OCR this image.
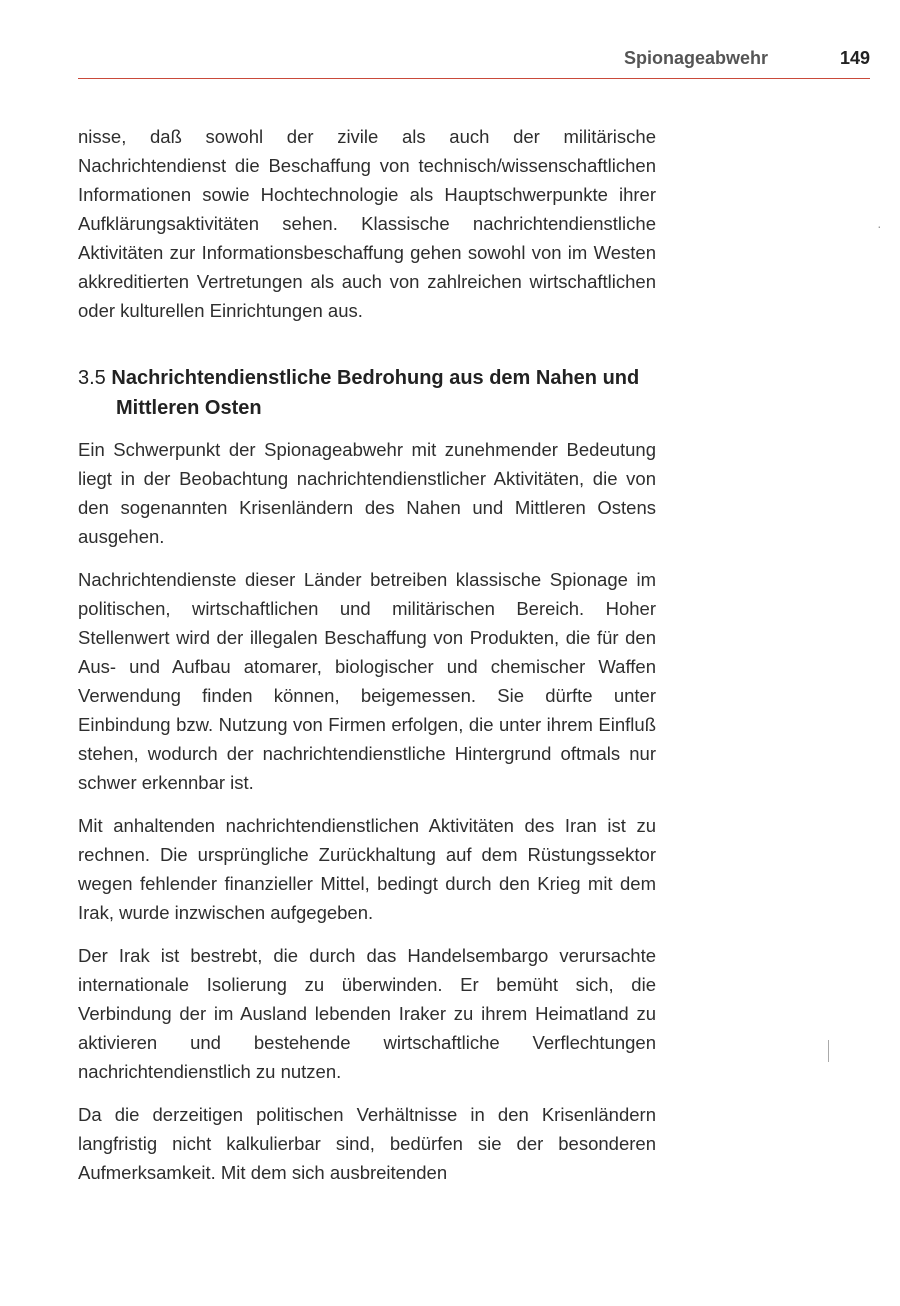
Spionageabwehr	149

nisse, daß sowohl der zivile als auch der militärische Nachrichtendienst die Beschaffung von technisch/wissenschaftlichen Informationen sowie Hochtechnologie als Hauptschwerpunkte ihrer Aufklärungsaktivitäten sehen. Klassische nachrichtendienstliche Aktivitäten zur Informationsbeschaffung gehen sowohl von im Westen akkreditierten Vertretungen als auch von zahlreichen wirtschaftlichen oder kulturellen Einrichtungen aus.

3.5 Nachrichtendienstliche Bedrohung aus dem Nahen und Mittleren Osten

Ein Schwerpunkt der Spionageabwehr mit zunehmender Bedeutung liegt in der Beobachtung nachrichtendienstlicher Aktivitäten, die von den sogenannten Krisenländern des Nahen und Mittleren Ostens ausgehen.

Nachrichtendienste dieser Länder betreiben klassische Spionage im politischen, wirtschaftlichen und militärischen Bereich. Hoher Stellenwert wird der illegalen Beschaffung von Produkten, die für den Aus- und Aufbau atomarer, biologischer und chemischer Waffen Verwendung finden können, beigemessen. Sie dürfte unter Einbindung bzw. Nutzung von Firmen erfolgen, die unter ihrem Einfluß stehen, wodurch der nachrichtendienstliche Hintergrund oftmals nur schwer erkennbar ist.

Mit anhaltenden nachrichtendienstlichen Aktivitäten des Iran ist zu rechnen. Die ursprüngliche Zurückhaltung auf dem Rüstungssektor wegen fehlender finanzieller Mittel, bedingt durch den Krieg mit dem Irak, wurde inzwischen aufgegeben.

Der Irak ist bestrebt, die durch das Handelsembargo verursachte internationale Isolierung zu überwinden. Er bemüht sich, die Verbindung der im Ausland lebenden Iraker zu ihrem Heimatland zu aktivieren und bestehende wirtschaftliche Verflechtungen nachrichtendienstlich zu nutzen.

Da die derzeitigen politischen Verhältnisse in den Krisenländern langfristig nicht kalkulierbar sind, bedürfen sie der besonderen Aufmerksamkeit. Mit dem sich ausbreitenden

·
